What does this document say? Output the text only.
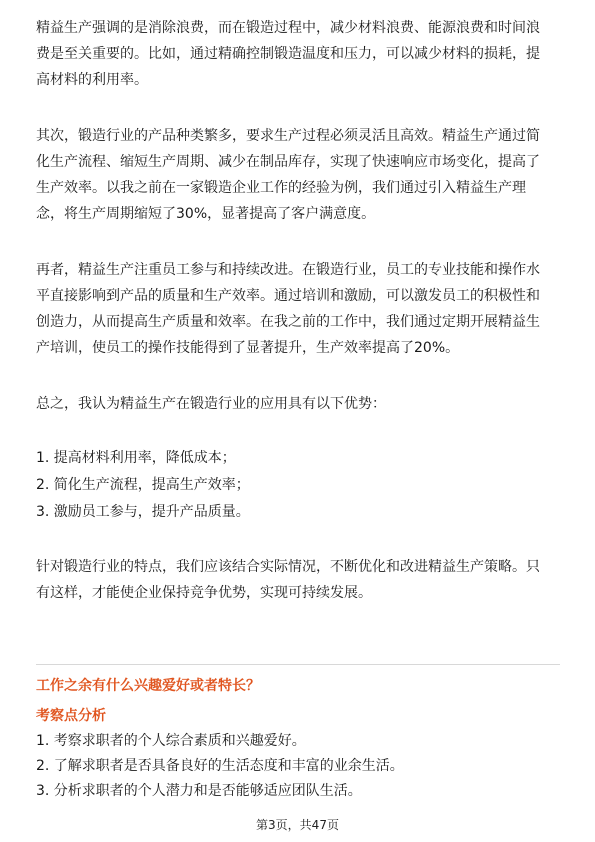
精益生产强调的是消除浪费，而在锻造过程中，减少材料浪费、能源浪费和时间浪

费是至关重要的。比如，通过精确控制锻造温度和压力，可以减少材料的损耗，提

高材料的利用率。

其次，锻造行业的产品种类繁多，要求生产过程必须灵活且高效。精益生产通过简

化生产流程、缩短生产周期、减少在制品库存，实现了快速响应市场变化，提高了

生产效率。以我之前在一家锻造企业工作的经验为例，我们通过引入精益生产理

念，将生产周期缩短了30%，显著提高了客户满意度。

再者，精益生产注重员工参与和持续改进。在锻造行业，员工的专业技能和操作水

平直接影响到产品的质量和生产效率。通过培训和激励，可以激发员工的积极性和

创造力，从而提高生产质量和效率。在我之前的工作中，我们通过定期开展精益生

产培训，使员工的操作技能得到了显著提升，生产效率提高了20%。

总之，我认为精益生产在锻造行业的应用具有以下优势：

1. 提高材料利用率，降低成本；

2. 简化生产流程，提高生产效率；

3. 激励员工参与，提升产品质量。

针对锻造行业的特点，我们应该结合实际情况，不断优化和改进精益生产策略。只

有这样，才能使企业保持竞争优势，实现可持续发展。

工作之余有什么兴趣爱好或者特长？

考察点分析

1. 考察求职者的个人综合素质和兴趣爱好。

2. 了解求职者是否具备良好的生活态度和丰富的业余生活。

3. 分析求职者的个人潜力和是否能够适应团队生活。

第3页，共47页
